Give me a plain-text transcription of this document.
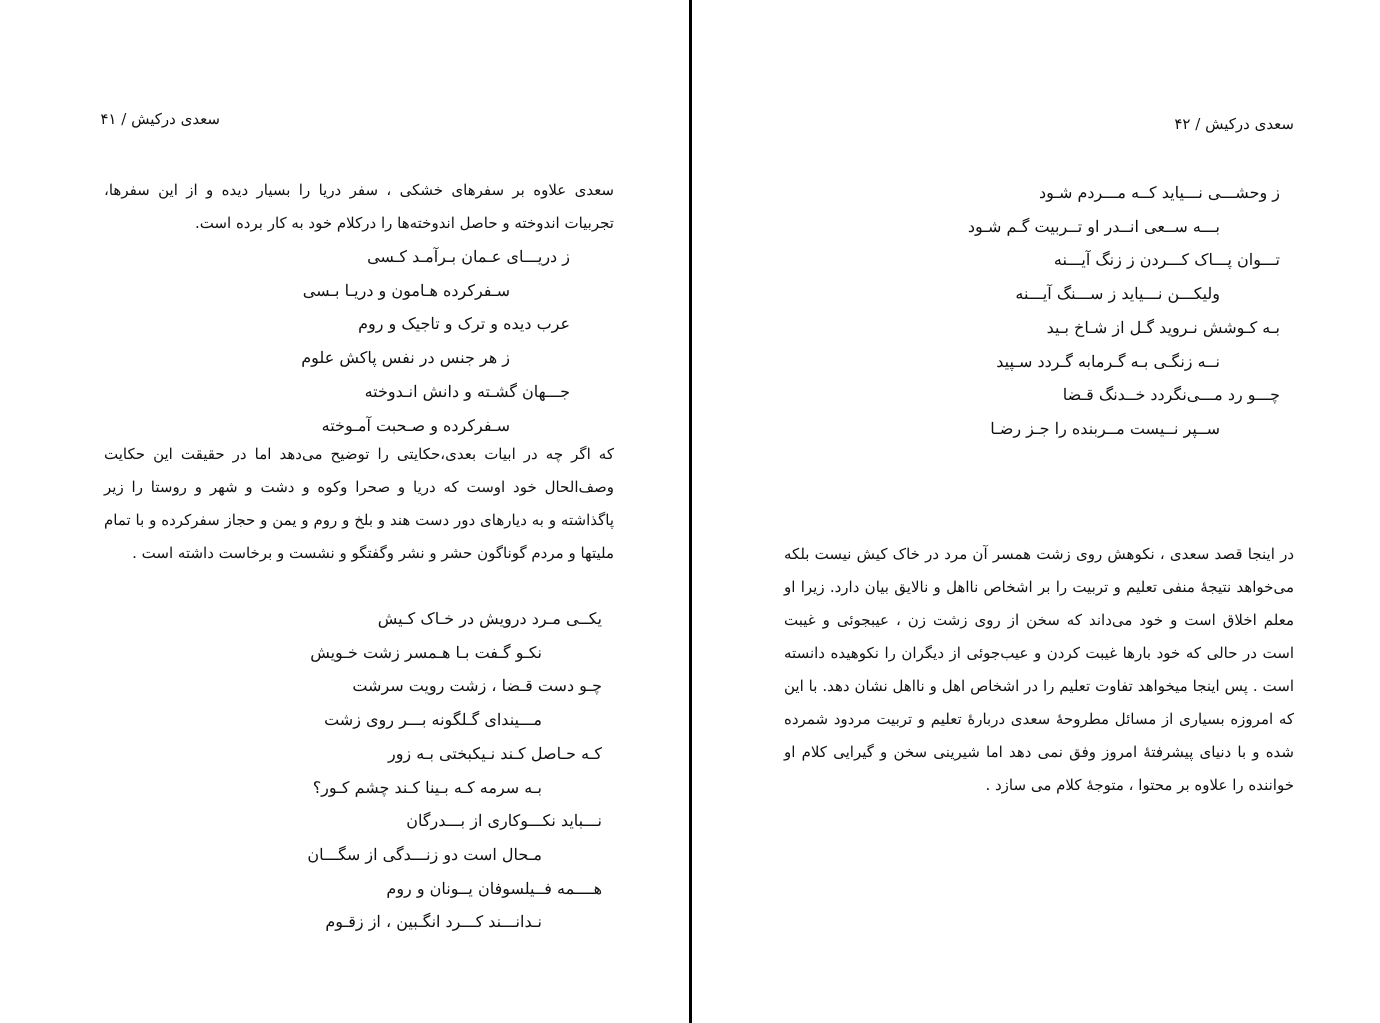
سعدی درکیش / ۴۱

سعدی علاوه بر سفرهای خشکی ، سفر دریا را بسیار دیده و از این سفرها، تجربیات اندوخته و حاصل اندوخته‌ها را درکلام خود به کار برده است.

ز دریـــای عـمان بـرآمـد کـسی
سـفرکرده هـامون و دریـا بـسی
عرب دیده و ترک و تاجیک و روم
ز هر جنس در نفس پاکش علوم
جـــهان گشـته و دانش انـدوخته
سـفرکرده و صـحبت آمـوخته

که اگر چه در ابیات بعدی،حکایتی را توضیح می‌دهد اما در حقیقت این حکایت وصف‌الحال خود اوست که دریا و صحرا وکوه و دشت و شهر و روستا را زیر پاگذاشته و به دیارهای دور دست هند و بلخ و روم و یمن و حجاز سفرکرده و با تمام ملیتها و مردم گوناگون حشر و نشر وگفتگو و نشست و برخاست داشته است .

یکــی مـرد درویش در خـاک کـیش
نکـو گـفت بـا هـمسر زشت خـویش
چـو دست قـضا ، زشت رویت سرشت
مـــیندای گـلگونه بـــر روی زشت
کـه حـاصل کـند نـیکبختی بـه زور
بـه سرمه کـه بـینا کـند چشم کـور؟
نـــباید نکـــوکاری از بـــدرگان
مـحال است دو زنـــدگی از سگـــان
هــــمه فــیلسوفان یــونان و روم
نـدانـــند کـــرد انگـبین ، از زقـوم
سعدی درکیش / ۴۲
ز وحشـــی نـــیاید کــه مـــردم شـود
بـــه ســعی انــدر او تــربیت گـم شـود
تـــوان پـــاک کـــردن ز زنگ آیـــنه
ولیکـــن نـــیاید ز ســـنگ آیـــنه
بـه کـوشش نـروید گـل از شـاخ بـید
نــه زنگـی بـه گـرمابه گـردد سـپید
چـــو رد مـــی‌نگردد خــدنگ قـضا
ســپر نــیست مــربنده را جـز رضـا

در اینجا قصد سعدی ، نکوهش روی زشت همسر آن مرد در خاک کیش نیست بلکه می‌خواهد نتیجهٔ منفی تعلیم و تربیت را بر اشخاص نااهل و نالایق بیان دارد. زیرا او معلم اخلاق است و خود می‌داند که سخن از روی زشت زن ، عیبجوئی و غیبت است در حالی که خود بارها غیبت کردن و عیب‌جوئی از دیگران را نکوهیده دانسته است . پس اینجا میخواهد تفاوت تعلیم را در اشخاص اهل و نااهل نشان دهد. با این که امروزه بسیاری از مسائل مطروحهٔ سعدی دربارهٔ تعلیم و تربیت مردود شمرده شده و با دنیای پیشرفتهٔ امروز وفق نمی دهد اما شیرینی سخن و گیرایی کلام او خواننده را علاوه بر محتوا ، متوجهٔ کلام می سازد .
